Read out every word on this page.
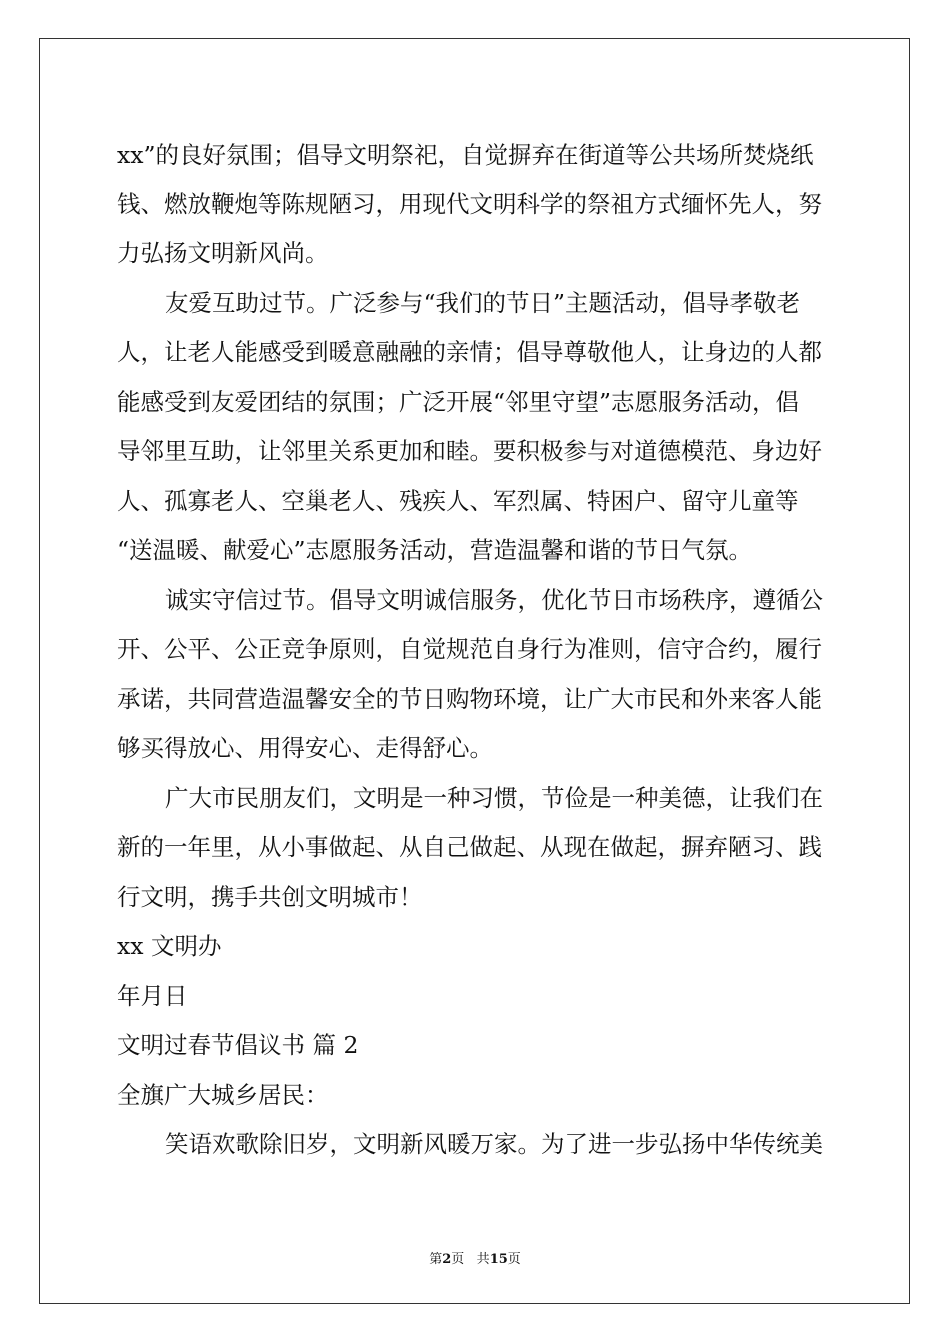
xx”的良好氛围；倡导文明祭祀，自觉摒弃在街道等公共场所焚烧纸
钱、燃放鞭炮等陈规陋习，用现代文明科学的祭祖方式缅怀先人，努
力弘扬文明新风尚。
友爱互助过节。广泛参与“我们的节日”主题活动，倡导孝敬老
人，让老人能感受到暖意融融的亲情；倡导尊敬他人，让身边的人都
能感受到友爱团结的氛围；广泛开展“邻里守望”志愿服务活动，倡
导邻里互助，让邻里关系更加和睦。要积极参与对道德模范、身边好
人、孤寡老人、空巢老人、残疾人、军烈属、特困户、留守儿童等
“送温暖、献爱心”志愿服务活动，营造温馨和谐的节日气氛。
诚实守信过节。倡导文明诚信服务，优化节日市场秩序，遵循公
开、公平、公正竞争原则，自觉规范自身行为准则，信守合约，履行
承诺，共同营造温馨安全的节日购物环境，让广大市民和外来客人能
够买得放心、用得安心、走得舒心。
广大市民朋友们，文明是一种习惯，节俭是一种美德，让我们在
新的一年里，从小事做起、从自己做起、从现在做起，摒弃陋习、践
行文明，携手共创文明城市！
xx 文明办
年月日
文明过春节倡议书 篇 2
全旗广大城乡居民：
笑语欢歌除旧岁，文明新风暖万家。为了进一步弘扬中华传统美
第2页 共15页
